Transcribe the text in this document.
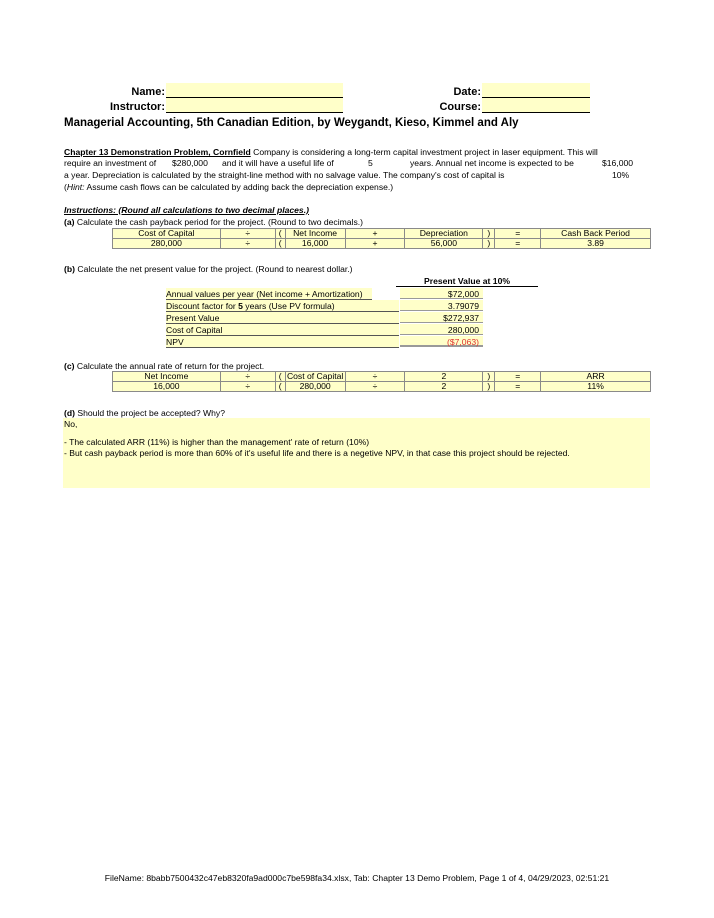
Name:	Date:
Instructor:	Course:
Managerial Accounting, 5th Canadian Edition, by Weygandt, Kieso, Kimmel and Aly
Chapter 13 Demonstration Problem, Cornfield Company is considering a long-term capital investment project in laser equipment. This will
require an investment of $280,000 and it will have a useful life of	5	years. Annual net income is expected to be	$16,000
a year. Depreciation is calculated by the straight-line method with no salvage value. The company's cost of capital is	10%
(Hint: Assume cash flows can be calculated by adding back the depreciation expense.)
Instructions: (Round all calculations to two decimal places.)
(a) Calculate the cash payback period for the project. (Round to two decimals.)
Cost of Capital	÷	(	Net Income	+	Depreciation	)	=	Cash Back Period
280,000	÷	(	16,000	+	56,000	)	=	3.89
(b) Calculate the net present value for the project. (Round to nearest dollar.)
Present Value at 10%
Annual values per year (Net income + Amortization)	$72,000
Discount factor for 5 years (Use PV formula)	3.79079
Present Value	$272,937
Cost of Capital	280,000
NPV	($7,063)
(c) Calculate the annual rate of return for the project.
Net Income	÷	(	Cost of Capital	÷	2	)	=	ARR
16,000	÷	(	280,000	÷	2	)	=	11%
(d) Should the project be accepted? Why?
No,
- The calculated ARR (11%) is higher than the management' rate of return (10%)
- But cash payback period is more than 60% of it's useful life and there is a negetive NPV, in that case this project should be rejected.
FileName: 8babb7500432c47eb8320fa9ad000c7be598fa34.xlsx, Tab: Chapter 13 Demo Problem, Page 1 of 4, 04/29/2023, 02:51:21
